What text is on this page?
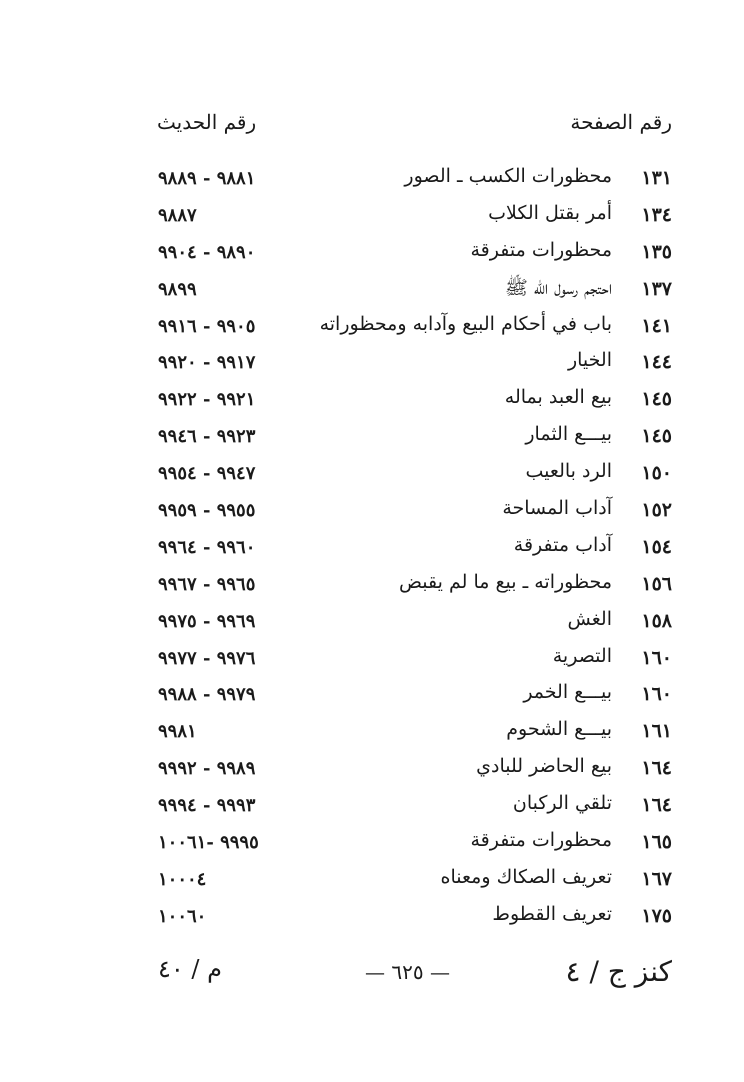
رقم الصفحة
رقم الحديث
١٣١
محظورات الكسب ـ الصور
٩٨٨١ - ٩٨٨٩
١٣٤
أمر بقتل الكلاب
٩٨٨٧
١٣٥
محظورات متفرقة
٩٨٩٠ - ٩٩٠٤
١٣٧
احتجم رسول الله ﷺ
٩٨٩٩
١٤١
باب في أحكام البيع وآدابه ومحظوراته
٩٩٠٥ - ٩٩١٦
١٤٤
الخيار
٩٩١٧ - ٩٩٢٠
١٤٥
بيع العبد بماله
٩٩٢١ - ٩٩٢٢
١٤٥
بيـــع الثمار
٩٩٢٣ - ٩٩٤٦
١٥٠
الرد بالعيب
٩٩٤٧ - ٩٩٥٤
١٥٢
آداب المساحة
٩٩٥٥ - ٩٩٥٩
١٥٤
آداب متفرقة
٩٩٦٠ - ٩٩٦٤
١٥٦
محظوراته ـ بيع ما لم يقبض
٩٩٦٥ - ٩٩٦٧
١٥٨
الغش
٩٩٦٩ - ٩٩٧٥
١٦٠
التصرية
٩٩٧٦ - ٩٩٧٧
١٦٠
بيـــع الخمر
٩٩٧٩ - ٩٩٨٨
١٦١
بيـــع الشحوم
٩٩٨١
١٦٤
بيع الحاضر للبادي
٩٩٨٩ - ٩٩٩٢
١٦٤
تلقي الركبان
٩٩٩٣ - ٩٩٩٤
١٦٥
محظورات متفرقة
٩٩٩٥ -١٠٠٦١
١٦٧
تعريف الصكاك ومعناه
١٠٠٠٤
١٧٥
تعريف القطوط
١٠٠٦٠
م / ٤٠	— ٦٢٥ —	كنز ج / ٤
